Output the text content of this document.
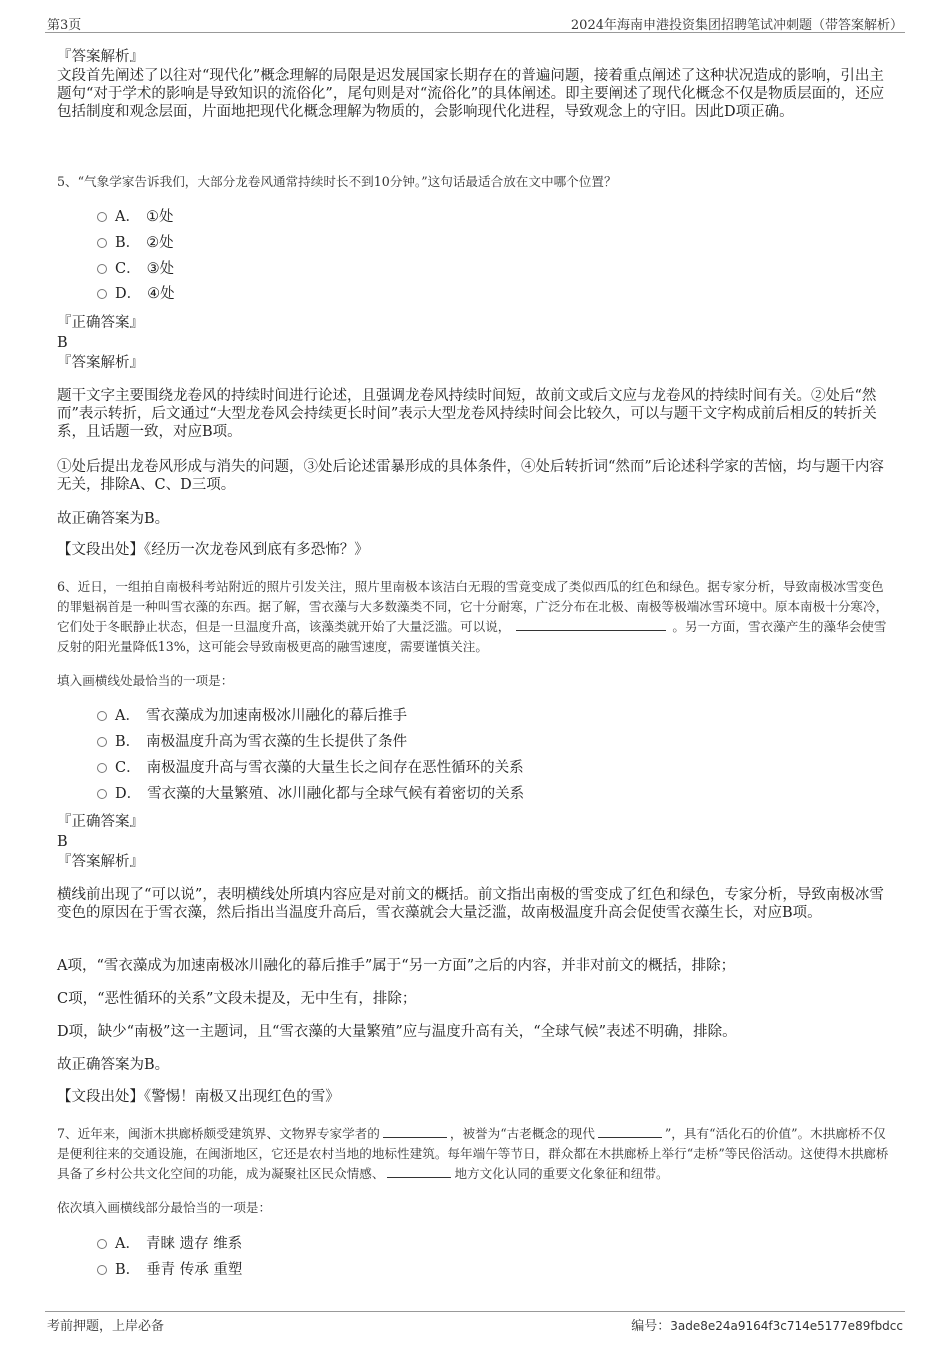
第3页	2024年海南申港投资集团招聘笔试冲刺题（带答案解析）
『答案解析』

文段首先阐述了以往对“现代化”概念理解的局限是迟发展国家长期存在的普遍问题，接着重点阐述了这种状况造成的影响，引出主题句“对于学术的影响是导致知识的流俗化”，尾句则是对“流俗化”的具体阐述。即主要阐述了现代化概念不仅是物质层面的，还应包括制度和观念层面，片面地把现代化概念理解为物质的，会影响现代化进程，导致观念上的守旧。因此D项正确。

5、“气象学家告诉我们，大部分龙卷风通常持续时长不到10分钟。”这句话最适合放在文中哪个位置？

A． ①处
B． ②处
C． ③处
D． ④处
『正确答案』
B
『答案解析』

题干文字主要围绕龙卷风的持续时间进行论述，且强调龙卷风持续时间短，故前文或后文应与龙卷风的持续时间有关。②处后“然而”表示转折，后文通过“大型龙卷风会持续更长时间”表示大型龙卷风持续时间会比较久，可以与题干文字构成前后相反的转折关系，且话题一致，对应B项。

①处后提出龙卷风形成与消失的问题，③处后论述雷暴形成的具体条件，④处后转折词“然而”后论述科学家的苦恼，均与题干内容无关，排除A、C、D三项。

故正确答案为B。

【文段出处】《经历一次龙卷风到底有多恐怖？》

6、近日，一组拍自南极科考站附近的照片引发关注，照片里南极本该洁白无瑕的雪竟变成了类似西瓜的红色和绿色。据专家分析，导致南极冰雪变色的罪魁祸首是一种叫雪衣藻的东西。据了解，雪衣藻与大多数藻类不同，它十分耐寒，广泛分布在北极、南极等极端冰雪环境中。原本南极十分寒冷，它们处于冬眠静止状态，但是一旦温度升高，该藻类就开始了大量泛滥。可以说，	。另一方面，雪衣藻产生的藻华会使雪反射的阳光量降低13%，这可能会导致南极更高的融雪速度，需要谨慎关注。

填入画横线处最恰当的一项是：

A． 雪衣藻成为加速南极冰川融化的幕后推手
B． 南极温度升高为雪衣藻的生长提供了条件
C． 南极温度升高与雪衣藻的大量生长之间存在恶性循环的关系
D． 雪衣藻的大量繁殖、冰川融化都与全球气候有着密切的关系
『正确答案』
B
『答案解析』

横线前出现了“可以说”，表明横线处所填内容应是对前文的概括。前文指出南极的雪变成了红色和绿色，专家分析，导致南极冰雪变色的原因在于雪衣藻，然后指出当温度升高后，雪衣藻就会大量泛滥，故南极温度升高会促使雪衣藻生长，对应B项。

A项，“雪衣藻成为加速南极冰川融化的幕后推手”属于“另一方面”之后的内容，并非对前文的概括，排除；

C项，“恶性循环的关系”文段未提及，无中生有，排除；

D项，缺少“南极”这一主题词，且“雪衣藻的大量繁殖”应与温度升高有关，“全球气候”表述不明确，排除。

故正确答案为B。

【文段出处】《警惕！南极又出现红色的雪》

7、近年来，闽浙木拱廊桥颇受建筑界、文物界专家学者的	，被誉为“古老概念的现代	”，具有“活化石的价值”。木拱廊桥不仅是便利往来的交通设施，在闽浙地区，它还是农村当地的地标性建筑。每年端午等节日，群众都在木拱廊桥上举行“走桥”等民俗活动。这使得木拱廊桥具备了乡村公共文化空间的功能，成为凝聚社区民众情感、	地方文化认同的重要文化象征和纽带。

依次填入画横线部分最恰当的一项是：

A． 青睐 遗存 维系
B． 垂青 传承 重塑
考前押题，上岸必备	编号：3ade8e24a9164f3c714e5177e89fbdcc
